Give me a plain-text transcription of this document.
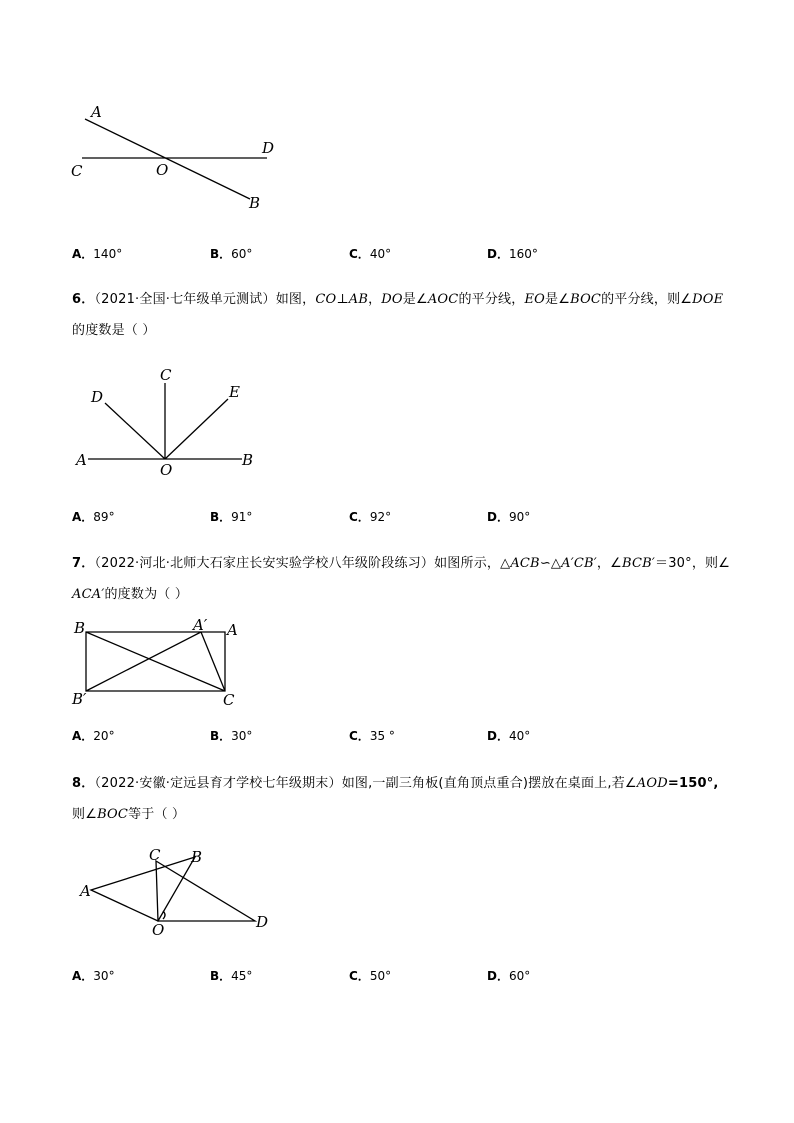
A
D
C	O
B
A．140°	B．60°	C．40°	D．160°
6．（2021·全国·七年级单元测试）如图，CO⊥AB，DO是∠AOC的平分线，EO是∠BOC的平分线，则∠DOE
的度数是（ ）
C
D	E
A
O
B
A．89°	B．91°	C．92°	D．90°
7．（2022·河北·北师大石家庄长安实验学校八年级阶段练习）如图所示，△ACB∽△A′CB′，∠BCB′＝30°，则∠
ACA′的度数为（ ）
B	A′ A
B′	C
A．20°	B．30°	C．35 °	D．40°
8．（2022·安徽·定远县育才学校七年级期末）如图,一副三角板(直角顶点重合)摆放在桌面上,若∠AOD=150°,
则∠BOC等于（ ）
C B
A
O	D
A．30°	B．45°	C．50°	D．60°
